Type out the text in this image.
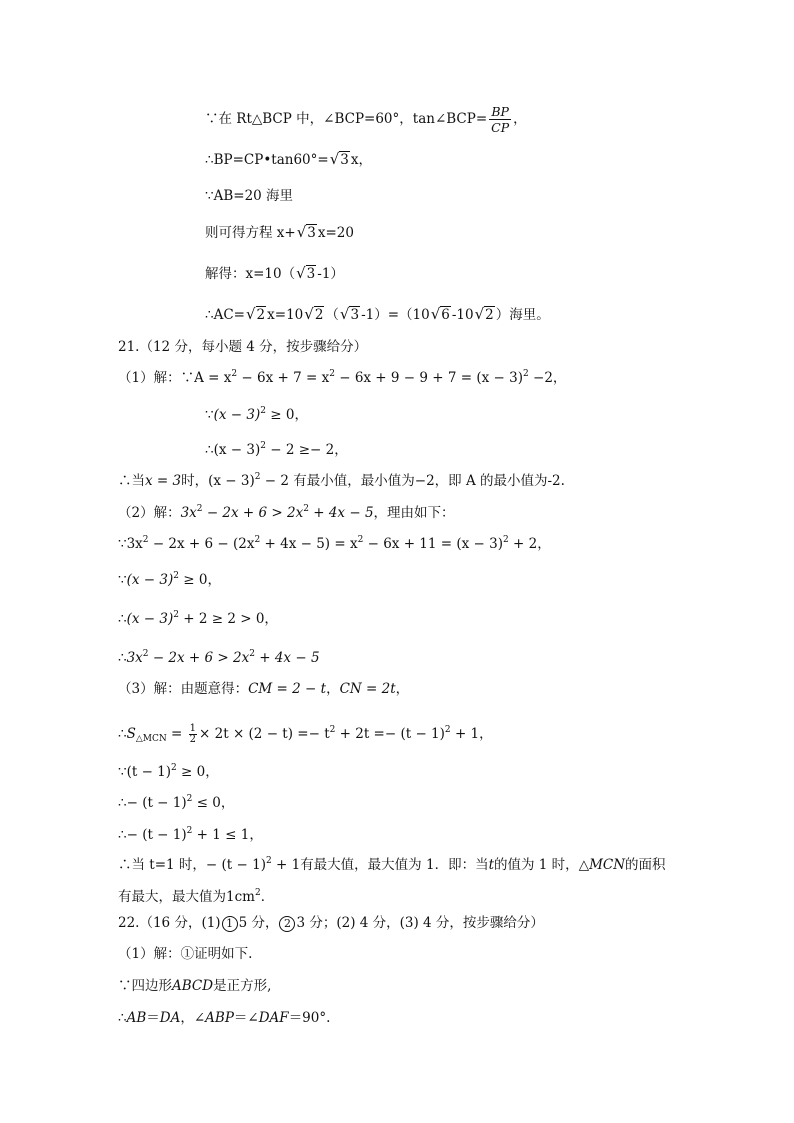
∵在 Rt△BCP 中，∠BCP=60°，tan∠BCP= $\frac{BP}{CP}$ ，
∴BP=CP•tan60°=√3 x，
∵AB=20 海里
则可得方程 x+√3 x=20
解得：x=10（√3 -1）
∴AC=√2 x=10√2 （√3 -1）=（10√6 -10√2 ）海里。
21.（12 分，每小题 4 分，按步骤给分）
（1）解：∵A = $x^2 - 6x + 7 = x^2 - 6x + 9 - 9 + 7 = (x - 3)^2 -2$，
∵(x − 3)$^2$ ≥ 0，
∴(x − 3)$^2$ − 2 ≥− 2，
∴当x = 3时，$(x - 3)^2 - 2$ 有最小值，最小值为−2，即 A 的最小值为-2.
（2）解：$3x^2 - 2x + 6 > 2x^2 + 4x - 5$，理由如下：
$\because 3x^2 - 2x + 6 - (2x^2 + 4x - 5) = x^2 - 6x + 11 = (x - 3)^2 + 2$，
∵(x − 3)$^2$ ≥ 0，
∴(x − 3)$^2$ + 2 ≥ 2 > 0，
$\therefore 3x^2 - 2x + 6 > 2x^2 + 4x - 5$
（3）解：由题意得：CM = 2 − t，CN = 2t，
$\therefore S_{\triangle MCN} = \frac{1}{2} \times 2t \times (2 - t) =- t^2 + 2t =- (t - 1)^2 + 1$，
∵(t − 1)$^2$ ≥ 0，
∴− $(t - 1)^2 \le 0$，
∴− $(t - 1)^2 + 1 \le 1$，
∴当 t=1 时，− $(t - 1)^2 + 1$有最大值，最大值为 1．即：当t的值为 1 时，△MCN的面积
有最大，最大值为$1cm^2$．
22.（16 分，(1) 1 5 分， 2 3 分；(2) 4 分，(3) 4 分，按步骤给分）
（1）解：①证明如下.
∵四边形ABCD是正方形,
∴AB＝DA，∠ABP＝∠DAF＝90°.
